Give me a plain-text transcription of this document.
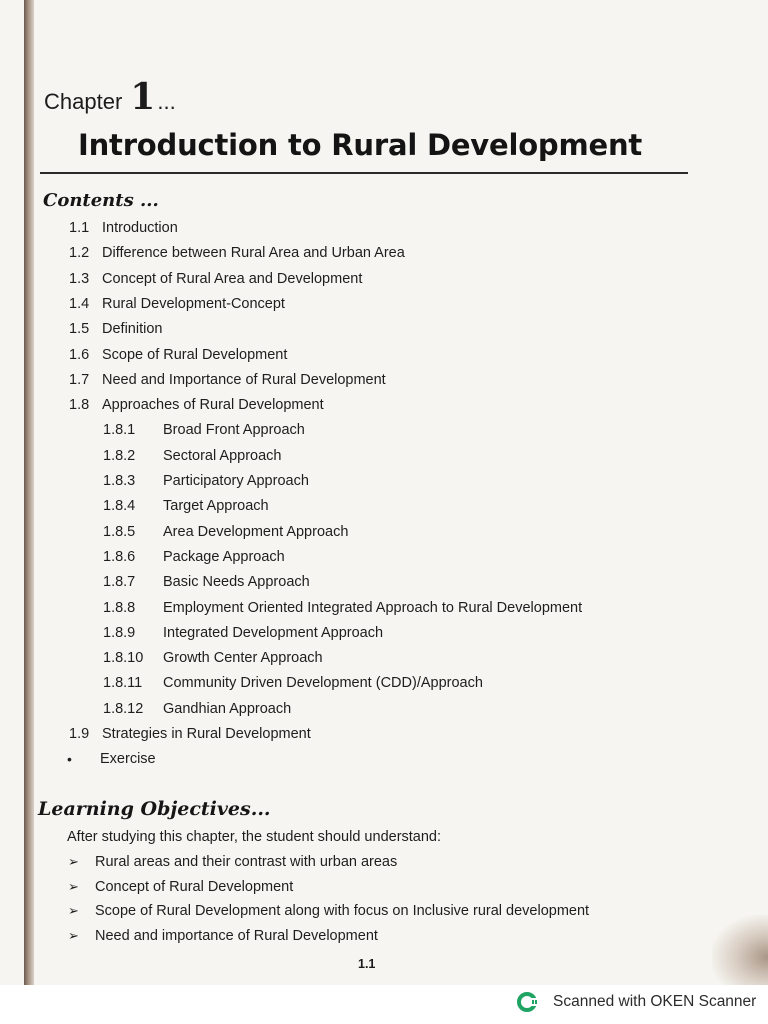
Chapter 1...
Introduction to Rural Development
Contents ...
1.1 Introduction
1.2 Difference between Rural Area and Urban Area
1.3 Concept of Rural Area and Development
1.4 Rural Development-Concept
1.5 Definition
1.6 Scope of Rural Development
1.7 Need and Importance of Rural Development
1.8 Approaches of Rural Development
1.8.1 Broad Front Approach
1.8.2 Sectoral Approach
1.8.3 Participatory Approach
1.8.4 Target Approach
1.8.5 Area Development Approach
1.8.6 Package Approach
1.8.7 Basic Needs Approach
1.8.8 Employment Oriented Integrated Approach to Rural Development
1.8.9 Integrated Development Approach
1.8.10 Growth Center Approach
1.8.11 Community Driven Development (CDD)/Approach
1.8.12 Gandhian Approach
1.9 Strategies in Rural Development
• Exercise
Learning Objectives...
After studying this chapter, the student should understand:
➢ Rural areas and their contrast with urban areas
➢ Concept of Rural Development
➢ Scope of Rural Development along with focus on Inclusive rural development
➢ Need and importance of Rural Development
1.1
Scanned with OKEN Scanner
